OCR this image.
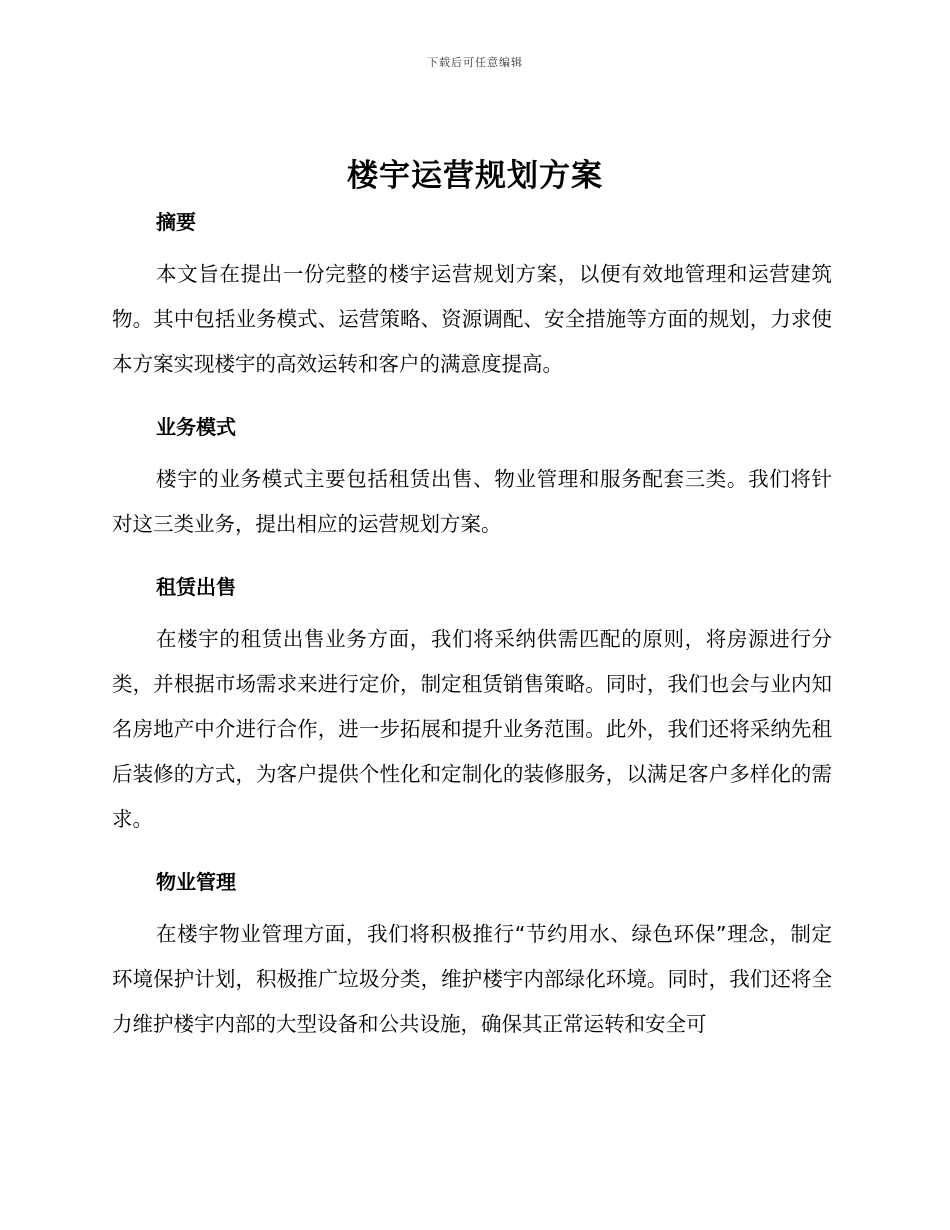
下载后可任意编辑
楼宇运营规划方案
摘要

本文旨在提出一份完整的楼宇运营规划方案，以便有效地管理和运营建筑物。其中包括业务模式、运营策略、资源调配、安全措施等方面的规划，力求使本方案实现楼宇的高效运转和客户的满意度提高。

业务模式

楼宇的业务模式主要包括租赁出售、物业管理和服务配套三类。我们将针对这三类业务，提出相应的运营规划方案。

租赁出售

在楼宇的租赁出售业务方面，我们将采纳供需匹配的原则，将房源进行分类，并根据市场需求来进行定价，制定租赁销售策略。同时，我们也会与业内知名房地产中介进行合作，进一步拓展和提升业务范围。此外，我们还将采纳先租后装修的方式，为客户提供个性化和定制化的装修服务，以满足客户多样化的需求。

物业管理

在楼宇物业管理方面，我们将积极推行“节约用水、绿色环保”理念，制定环境保护计划，积极推广垃圾分类，维护楼宇内部绿化环境。同时，我们还将全力维护楼宇内部的大型设备和公共设施，确保其正常运转和安全可
